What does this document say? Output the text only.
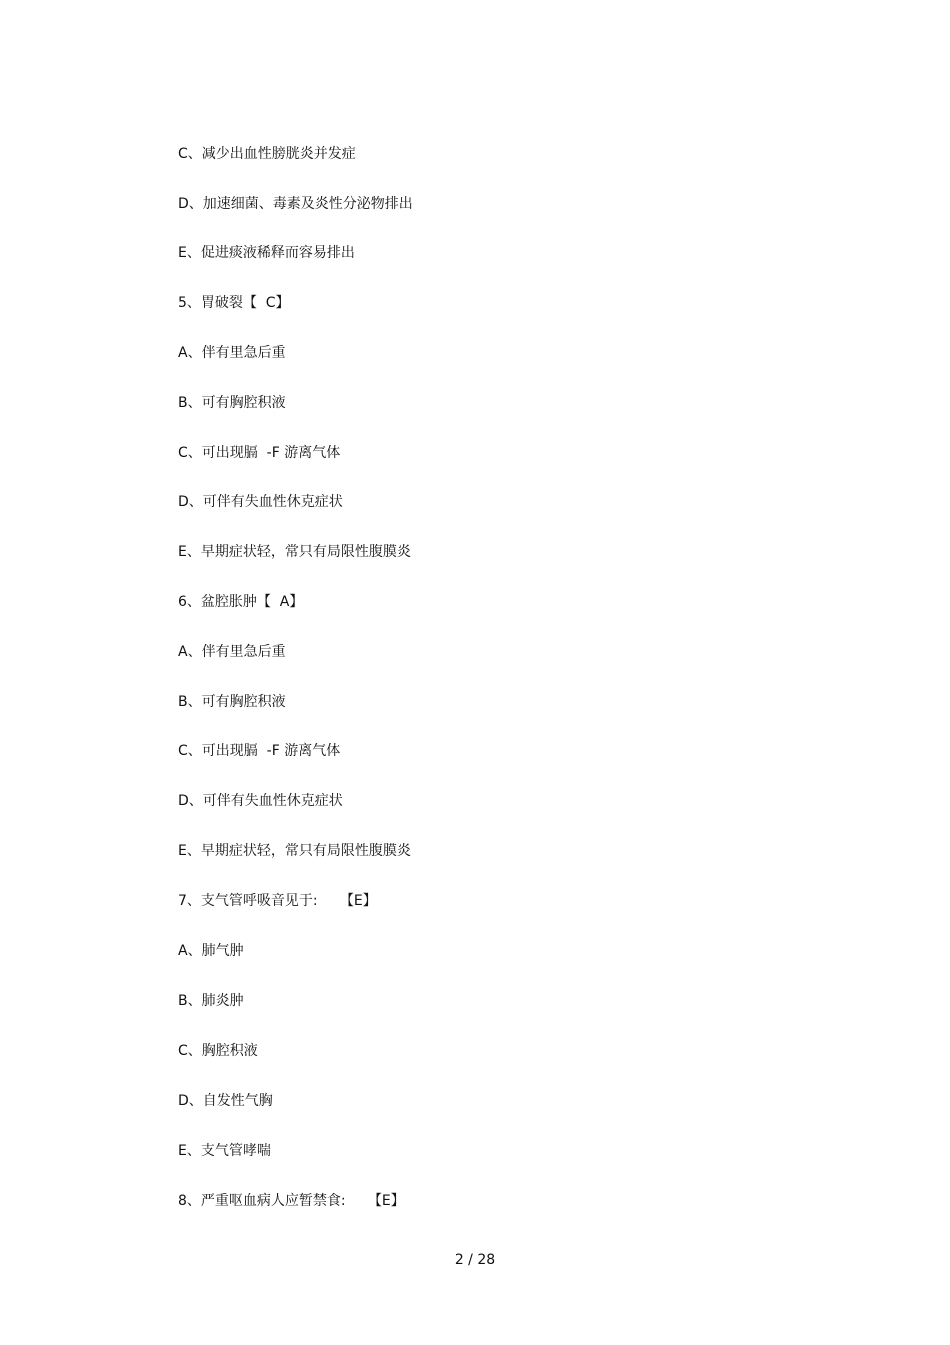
C、减少出血性膀胱炎并发症
D、加速细菌、毒素及炎性分泌物排出
E、促进痰液稀释而容易排出
5、胃破裂【  C】
A、伴有里急后重
B、可有胸腔积液
C、可出现膈  -F 游离气体
D、可伴有失血性休克症状
E、早期症状轻，常只有局限性腹膜炎
6、盆腔胀肿【  A】
A、伴有里急后重
B、可有胸腔积液
C、可出现膈  -F 游离气体
D、可伴有失血性休克症状
E、早期症状轻，常只有局限性腹膜炎
7、支气管呼吸音见于:     【E】
A、肺气肿
B、肺炎肿
C、胸腔积液
D、自发性气胸
E、支气管哮喘
8、严重呕血病人应暂禁食:     【E】
2 / 28
